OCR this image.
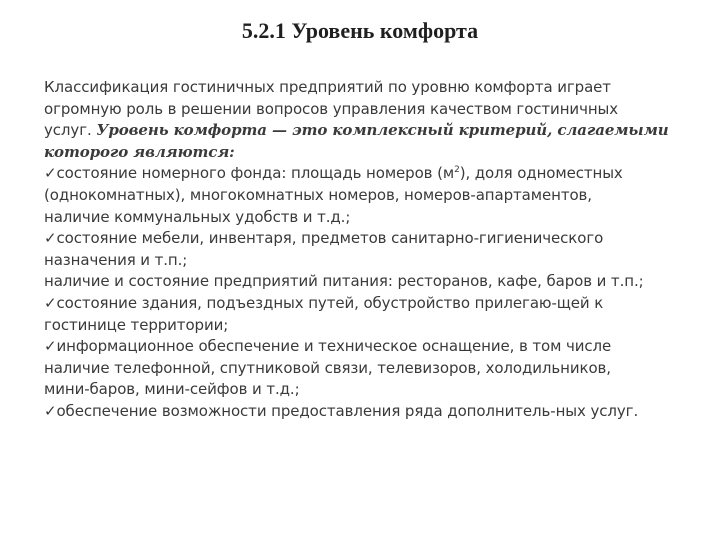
5.2.1 Уровень комфорта
Классификация гостиничных предприятий по уровню комфорта играет
огромную роль в решении вопросов управления качеством гостиничных
услуг. Уровень комфорта — это комплексный критерий, слагаемыми
которого являются:
✓состояние номерного фонда: площадь номеров $(м^2)$, доля одноместных
(однокомнатных), многокомнатных номеров, номеров-апартаментов,
наличие коммунальных удобств и т.д.;
✓состояние мебели, инвентаря, предметов санитарно-гигиенического
назначения и т.п.;
наличие и состояние предприятий питания: ресторанов, кафе, баров и т.п.;
✓состояние здания, подъездных путей, обустройство прилегаю-щей к
гостинице территории;
✓информационное обеспечение и техническое оснащение, в том числе
наличие телефонной, спутниковой связи, телевизоров, холодильников,
мини-баров, мини-сейфов и т.д.;
✓обеспечение возможности предоставления ряда дополнитель-ных услуг.
